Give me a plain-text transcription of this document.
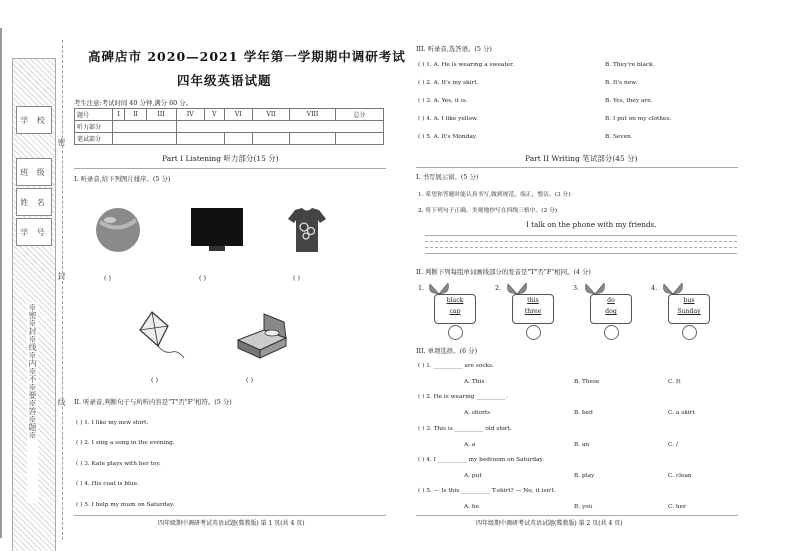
学 校
班 级
姓 名
学 号
※密※封※线※内※不※要※答※题※
密
封
线
高碑店市 2020—2021 学年第一学期期中调研考试
四年级英语试题
考生注意:考试时间 40 分钟,满分 60 分。
题号	I	II	III	IV	V	VI	VII	VIII	总分
听力部分									
笔试部分									
Part I Listening 听力部分(15 分)
I. 听录音,给下列图片排序。(5 分)
( )	( )	( )
( )	( )
II. 听录音,判断句子与所听内容是"T"否"F"相符。(5 分)
( ) 1. I like my new shirt.
( ) 2. I sing a song in the evening.
( ) 3. Kate plays with her toy.
( ) 4. His coat is blue.
( ) 5. I help my mum on Saturday.
四年级期中调研考试英语试题(冀教版) 第 1 页(共 4 页)
III. 听录音,选答语。(5 分)
( ) 1. A. He is wearing a sweater.	B. They're black.
( ) 2. A. It's my skirt.	B. It's new.
( ) 3. A. Yes, it is.	B. Yes, they are.
( ) 4. A. I like yellow.	B. I put on my clothes.
( ) 5. A. It's Monday.	B. Seven.
Part II Writing 笔试部分(45 分)
I. 书写展示窗。(5 分)
1. 希望你答题时能认真书写,做到规范、端正、整洁。(3 分)
2. 将下列句子正确、美观地抄写在四线三格中。(2 分)
I talk on the phone with my friends.
II. 判断下列每组单词画线部分的发音是"T"否"F"相同。(4 分)
1.	2.	3.	4.
black
cap
this
three
do
dog
bus
Sunday
III. 单项选择。(6 分)
( ) 1. __________ are socks.
A. This	B. These	C. It
( ) 2. He is wearing __________.
A. shorts	B. bed	C. a skirt
( ) 3. This is __________ old shirt.
A. a	B. an	C. /
( ) 4. I __________ my bedroom on Saturday.
A. put	B. play	C. clean
( ) 5. — Is this __________ T-shirt? — No, it isn't.
A. he	B. you	C. her
四年级期中调研考试英语试题(冀教版) 第 2 页(共 4 页)
